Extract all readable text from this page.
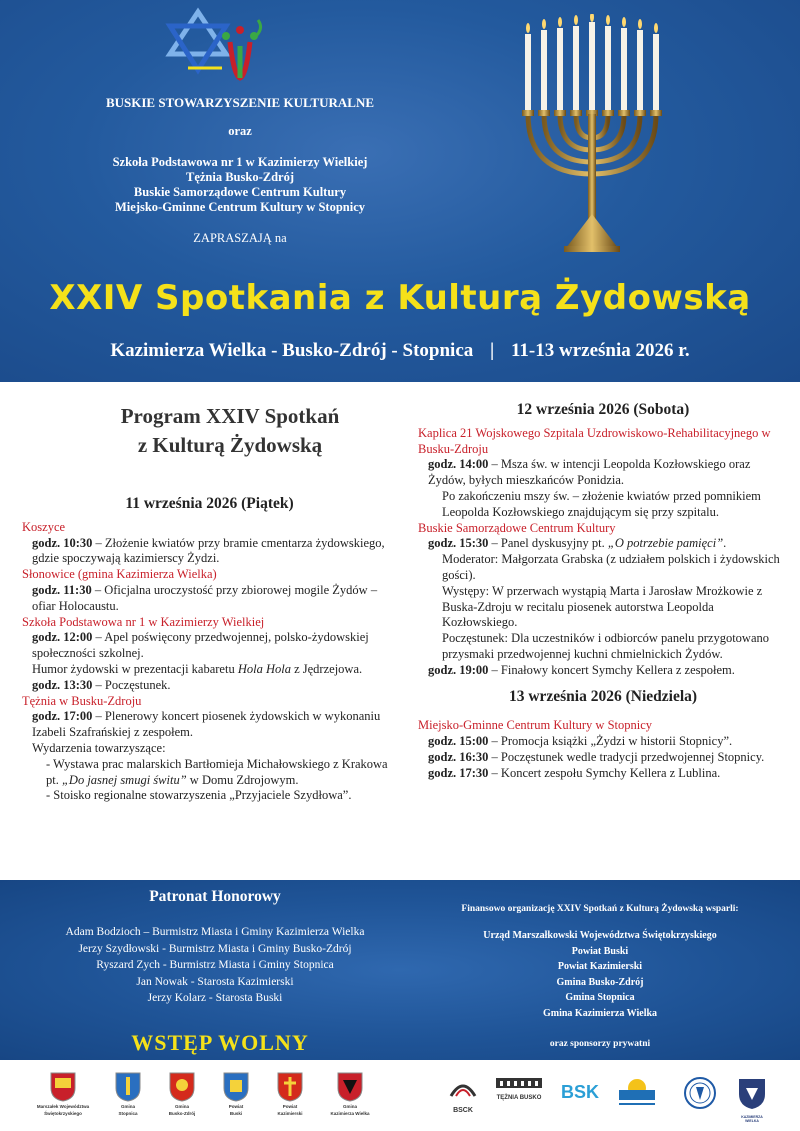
BUSKIE STOWARZYSZENIE KULTURALNE
oraz
Szkoła Podstawowa nr 1 w Kazimierzy Wielkiej
Tężnia Busko-Zdrój
Buskie Samorządowe Centrum Kultury
Miejsko-Gminne Centrum Kultury w Stopnicy
ZAPRASZAJĄ na
XXIV Spotkania z Kulturą Żydowską
Kazimierza Wielka - Busko-Zdrój - Stopnica | 11-13 września 2026 r.
Program XXIV Spotkań
z Kulturą Żydowską
11 września 2026 (Piątek)
Koszyce
godz. 10:30 – Złożenie kwiatów przy bramie cmentarza żydowskiego, gdzie spoczywają kazimierscy Żydzi.
Słonowice (gmina Kazimierza Wielka)
godz. 11:30 – Oficjalna uroczystość przy zbiorowej mogile Żydów – ofiar Holocaustu.
Szkoła Podstawowa nr 1 w Kazimierzy Wielkiej
godz. 12:00 – Apel poświęcony przedwojennej, polsko-żydowskiej społeczności szkolnej.
Humor żydowski w prezentacji kabaretu Hola Hola z Jędrzejowa.
godz. 13:30 – Poczęstunek.
Tężnia w Busku-Zdroju
godz. 17:00 – Plenerowy koncert piosenek żydowskich w wykonaniu Izabeli Szafrańskiej z zespołem.
Wydarzenia towarzyszące:
- Wystawa prac malarskich Bartłomieja Michałowskiego z Krakowa pt. „Do jasnej smugi świtu” w Domu Zdrojowym.
- Stoisko regionalne stowarzyszenia „Przyjaciele Szydłowa”.
12 września 2026 (Sobota)
Kaplica 21 Wojskowego Szpitala Uzdrowiskowo-Rehabilitacyjnego w Busku-Zdroju
godz. 14:00 – Msza św. w intencji Leopolda Kozłowskiego oraz Żydów, byłych mieszkańców Ponidzia.
Po zakończeniu mszy św. – złożenie kwiatów przed pomnikiem Leopolda Kozłowskiego znajdującym się przy szpitalu.
Buskie Samorządowe Centrum Kultury
godz. 15:30 – Panel dyskusyjny pt. „O potrzebie pamięci”.
Moderator: Małgorzata Grabska (z udziałem polskich i żydowskich gości).
Występy: W przerwach wystąpią Marta i Jarosław Mrożkowie z Buska-Zdroju w recitalu piosenek autorstwa Leopolda Kozłowskiego.
Poczęstunek: Dla uczestników i odbiorców panelu przygotowano przysmaki przedwojennej kuchni chmielnickich Żydów.
godz. 19:00 – Finałowy koncert Symchy Kellera z zespołem.
13 września 2026 (Niedziela)
Miejsko-Gminne Centrum Kultury w Stopnicy
godz. 15:00 – Promocja książki „Żydzi w historii Stopnicy”.
godz. 16:30 – Poczęstunek wedle tradycji przedwojennej Stopnicy.
godz. 17:30 – Koncert zespołu Symchy Kellera z Lublina.
Patronat Honorowy
Adam Bodzioch – Burmistrz Miasta i Gminy Kazimierza Wielka
Jerzy Szydłowski - Burmistrz Miasta i Gminy Busko-Zdrój
Ryszard Zych - Burmistrz Miasta i Gminy Stopnica
Jan Nowak - Starosta Kazimierski
Jerzy Kolarz - Starosta Buski
WSTĘP WOLNY
Finansowo organizację XXIV Spotkań z Kulturą Żydowską wsparli:
Urząd Marszałkowski Województwa Świętokrzyskiego
Powiat Buski
Powiat Kazimierski
Gmina Busko-Zdrój
Gmina Stopnica
Gmina Kazimierza Wielka
oraz sponsorzy prywatni
Marszałek Województwa
Świętokrzyskiego
Gmina
Stopnica
Gmina
Busko-Zdrój
Powiat
Buski
Powiat
Kazimierski
Gmina
Kazimierza Wielka	BSCK
TĘŻNIA BUSKO	BSK
KAZIMIERZA WIELKA
